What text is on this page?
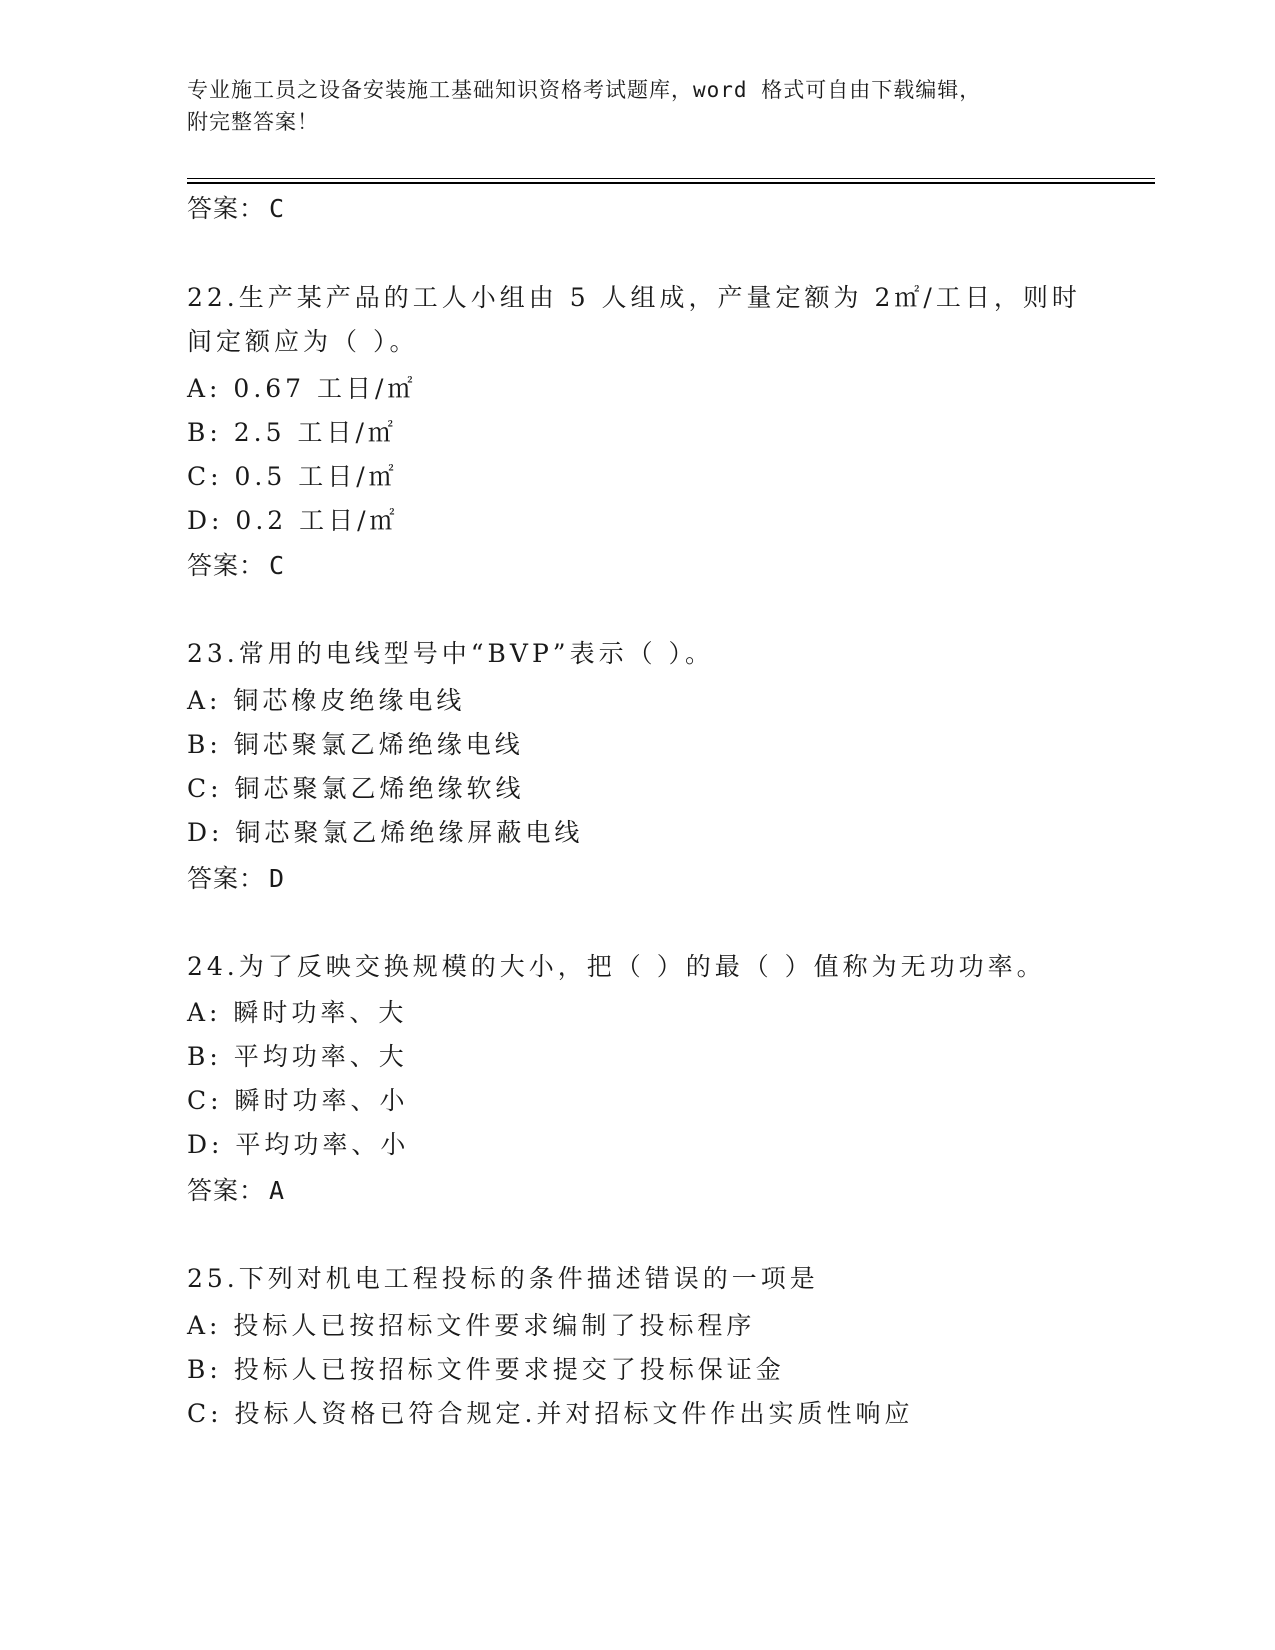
专业施工员之设备安装施工基础知识资格考试题库，word 格式可自由下载编辑，
附完整答案！
答案： C
22.生产某产品的工人小组由 5 人组成，产量定额为 2㎡/工日，则时间定额应为（ ）。
A: 0.67 工日/㎡
B: 2.5 工日/㎡
C: 0.5 工日/㎡
D: 0.2 工日/㎡
答案： C
23.常用的电线型号中“BVP”表示（ ）。
A: 铜芯橡皮绝缘电线
B: 铜芯聚氯乙烯绝缘电线
C: 铜芯聚氯乙烯绝缘软线
D: 铜芯聚氯乙烯绝缘屏蔽电线
答案： D
24.为了反映交换规模的大小，把（ ）的最（ ）值称为无功功率。
A: 瞬时功率、大
B: 平均功率、大
C: 瞬时功率、小
D: 平均功率、小
答案： A
25.下列对机电工程投标的条件描述错误的一项是
A: 投标人已按招标文件要求编制了投标程序
B: 投标人已按招标文件要求提交了投标保证金
C: 投标人资格已符合规定.并对招标文件作出实质性响应
